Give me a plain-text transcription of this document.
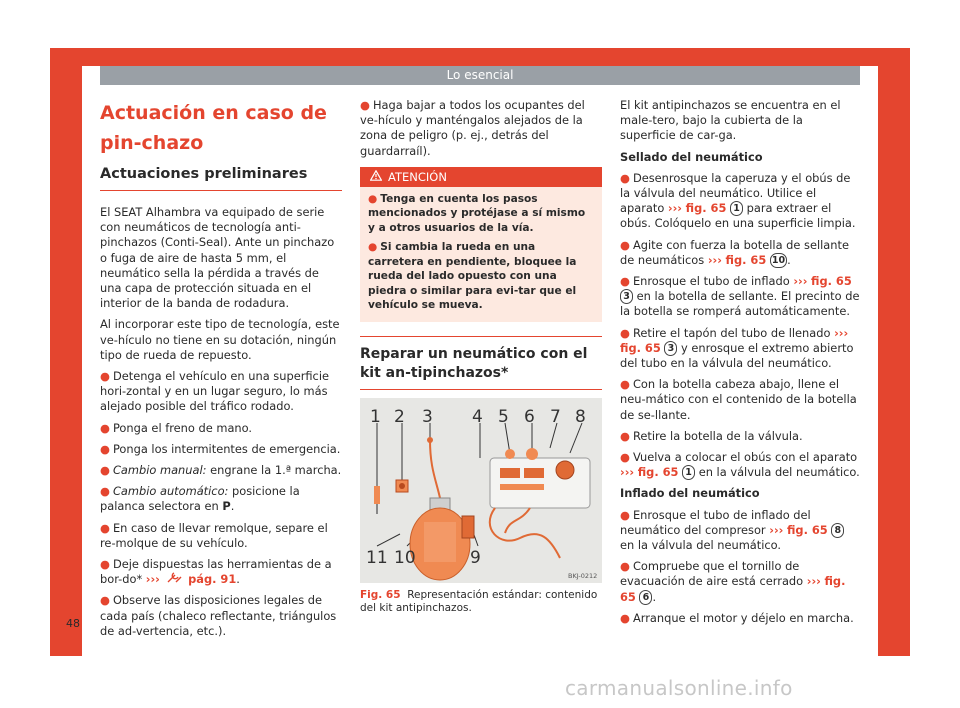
Lo esencial
Actuación en caso de pin-chazo
Actuaciones preliminares

El SEAT Alhambra va equipado de serie con neumáticos de tecnología anti-pinchazos (Conti-Seal). Ante un pinchazo o fuga de aire de hasta 5 mm, el neumático sella la pérdida a través de una capa de protección situada en el interior de la banda de rodadura.

Al incorporar este tipo de tecnología, este ve-hículo no tiene en su dotación, ningún tipo de rueda de repuesto.

● Detenga el vehículo en una superficie hori-zontal y en un lugar seguro, lo más alejado posible del tráfico rodado.

● Ponga el freno de mano.

● Ponga los intermitentes de emergencia.

● Cambio manual: engrane la 1.ª marcha.

● Cambio automático: posicione la palanca selectora en P.

● En caso de llevar remolque, separe el re-molque de su vehículo.

● Deje dispuestas las herramientas de a bor-do* ››› pág. 91.

● Observe las disposiciones legales de cada país (chaleco reflectante, triángulos de ad-vertencia, etc.).

● Haga bajar a todos los ocupantes del ve-hículo y manténgalos alejados de la zona de peligro (p. ej., detrás del guardarraíl).

ATENCIÓN

● Tenga en cuenta los pasos mencionados y protéjase a sí mismo y a otros usuarios de la vía.

● Si cambia la rueda en una carretera en pendiente, bloquee la rueda del lado opuesto con una piedra o similar para evi-tar que el vehículo se mueva.

Reparar un neumático con el kit an-tipinchazos*
1 2 3 4 5 6 7 8
9
10
11
BKJ-0212
Fig. 65 Representación estándar: contenido del kit antipinchazos.

El kit antipinchazos se encuentra en el male-tero, bajo la cubierta de la superficie de car-ga.

Sellado del neumático

● Desenrosque la caperuza y el obús de la válvula del neumático. Utilice el aparato ››› fig. 65 1 para extraer el obús. Colóquelo en una superficie limpia.

● Agite con fuerza la botella de sellante de neumáticos ››› fig. 65 10 .

● Enrosque el tubo de inflado ››› fig. 65 3 en la botella de sellante. El precinto de la botella se romperá automáticamente.

● Retire el tapón del tubo de llenado ››› fig. 65 3 y enrosque el extremo abierto del tubo en la válvula del neumático.

● Con la botella cabeza abajo, llene el neu-mático con el contenido de la botella de se-llante.

● Retire la botella de la válvula.

● Vuelva a colocar el obús con el aparato ››› fig. 65 1 en la válvula del neumático.

Inflado del neumático

● Enrosque el tubo de inflado del neumático del compresor ››› fig. 65 8 en la válvula del neumático.

● Compruebe que el tornillo de evacuación de aire está cerrado ››› fig. 65 6 .

● Arranque el motor y déjelo en marcha.

48
carmanualsonline.info
